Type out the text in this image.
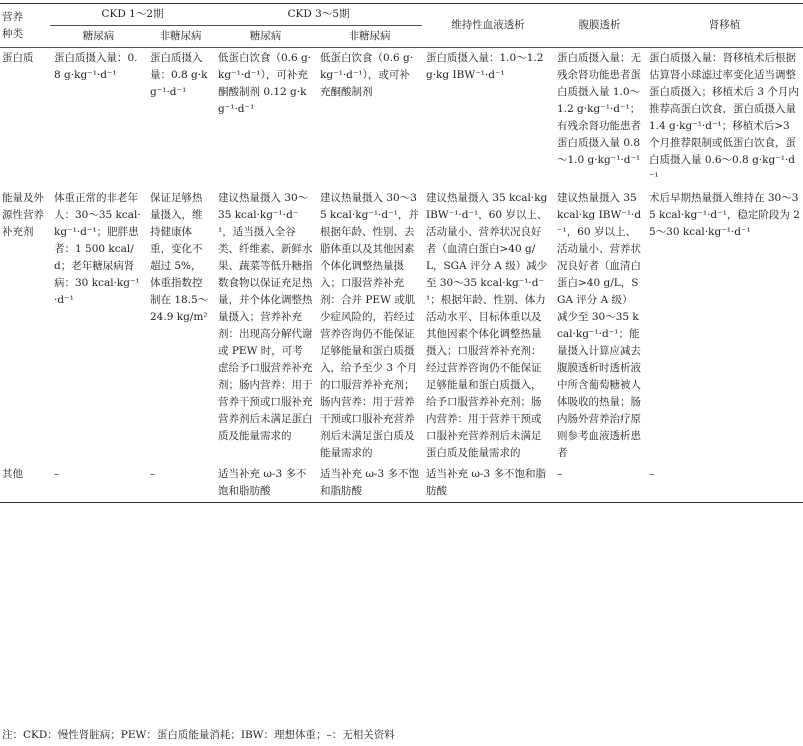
营养
种类	CKD 1～2期		CKD 3～5期		维持性血液透析	腹膜透析	肾移植
	糖尿病	非糖尿病	糖尿病	非糖尿病			
蛋白质	蛋白质摄入量：0.8 g·kg⁻¹·d⁻¹	蛋白质摄入量：0.8 g·kg⁻¹·d⁻¹	低蛋白饮食（0.6 g·kg⁻¹·d⁻¹），可补充酮酸制剂 0.12 g·kg⁻¹·d⁻¹	低蛋白饮食（0.6 g·kg⁻¹·d⁻¹），或可补充酮酸制剂	蛋白质摄入量：1.0～1.2 g·kg IBW⁻¹·d⁻¹	蛋白质摄入量：无残余肾功能患者蛋白质摄入量 1.0～1.2 g·kg⁻¹·d⁻¹；有残余肾功能患者蛋白质摄入量 0.8～1.0 g·kg⁻¹·d⁻¹	蛋白质摄入量：肾移植术后根据估算肾小球滤过率变化适当调整蛋白质摄入；移植术后 3 个月内推荐高蛋白饮食，蛋白质摄入量 1.4 g·kg⁻¹·d⁻¹；移植术后>3 个月推荐限制或低蛋白饮食，蛋白质摄入量 0.6～0.8 g·kg⁻¹·d⁻¹
能量及外源性营养补充剂	体重正常的非老年人：30～35 kcal·kg⁻¹·d⁻¹；肥胖患者：1 500 kcal/d；老年糖尿病肾病：30 kcal·kg⁻¹·d⁻¹	保证足够热量摄入，维持健康体重，变化不超过 5%，体重指数控制在 18.5～24.9 kg/m²	建议热量摄入 30～35 kcal·kg⁻¹·d⁻¹，适当摄入全谷类、纤维素、新鲜水果、蔬菜等低升糖指数食物以保证充足热量，并个体化调整热量摄入；营养补充剂：出现高分解代谢或 PEW 时，可考虑给予口服营养补充剂；肠内营养：用于营养干预或口服补充营养剂后未满足蛋白质及能量需求的	建议热量摄入 30～35 kcal·kg⁻¹·d⁻¹，并根据年龄、性别、去脂体重以及其他因素个体化调整热量摄入；口服营养补充剂：合并 PEW 或肌少症风险的，若经过营养咨询仍不能保证足够能量和蛋白质摄入，给予至少 3 个月的口服营养补充剂；肠内营养：用于营养干预或口服补充营养剂后未满足蛋白质及能量需求的	建议热量摄入 35 kcal·kg IBW⁻¹·d⁻¹，60 岁以上、活动量小、营养状况良好者（血清白蛋白>40 g/L，SGA 评分 A 级）减少至 30～35 kcal·kg⁻¹·d⁻¹；根据年龄、性别、体力活动水平、目标体重以及其他因素个体化调整热量摄入；口服营养补充剂：经过营养咨询仍不能保证足够能量和蛋白质摄入，给予口服营养补充剂；肠内营养：用于营养干预或口服补充营养剂后未满足蛋白质及能量需求的	建议热量摄入 35 kcal·kg IBW⁻¹·d⁻¹，60 岁以上、活动量小、营养状况良好者（血清白蛋白>40 g/L，SGA 评分 A 级）减少至 30～35 kcal·kg⁻¹·d⁻¹；能量摄入计算应减去腹膜透析时透析液中所含葡萄糖被人体吸收的热量；肠内肠外营养治疗原则参考血液透析患者	术后早期热量摄入维持在 30～35 kcal·kg⁻¹·d⁻¹，稳定阶段为 25～30 kcal·kg⁻¹·d⁻¹
其他	–	–	适当补充 ω-3 多不饱和脂肪酸	适当补充 ω-3 多不饱和脂肪酸	适当补充 ω-3 多不饱和脂肪酸	–	–
注：CKD：慢性肾脏病；PEW：蛋白质能量消耗；IBW：理想体重；–：无相关资料
